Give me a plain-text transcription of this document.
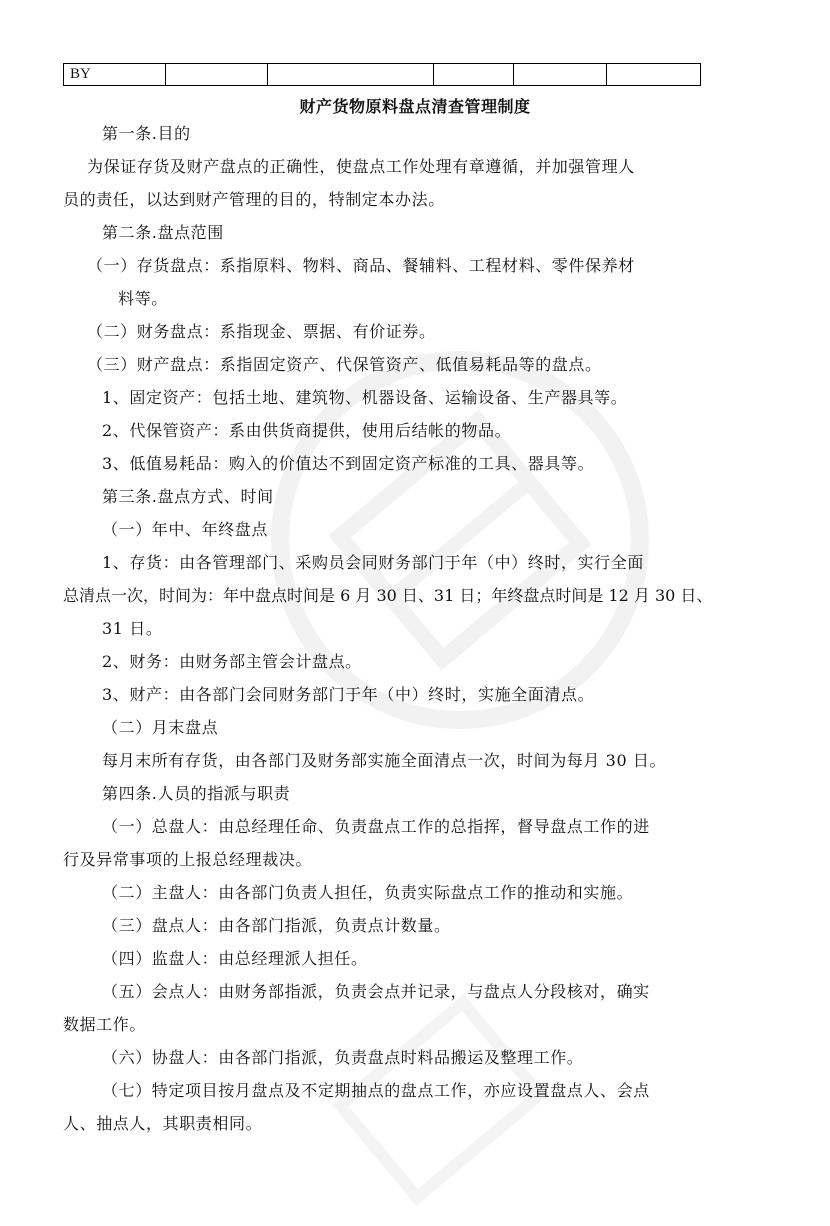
BY					
财产货物原料盘点清查管理制度
第一条.目的
为保证存货及财产盘点的正确性，使盘点工作处理有章遵循，并加强管理人
员的责任，以达到财产管理的目的，特制定本办法。
第二条.盘点范围
（一）存货盘点：系指原料、物料、商品、餐辅料、工程材料、零件保养材
料等。
（二）财务盘点：系指现金、票据、有价证券。
（三）财产盘点：系指固定资产、代保管资产、低值易耗品等的盘点。
1、固定资产：包括土地、建筑物、机器设备、运输设备、生产器具等。
2、代保管资产：系由供货商提供，使用后结帐的物品。
3、低值易耗品：购入的价值达不到固定资产标准的工具、器具等。
第三条.盘点方式、时间
（一）年中、年终盘点
1、存货：由各管理部门、采购员会同财务部门于年（中）终时，实行全面
总清点一次，时间为：年中盘点时间是 6 月 30 日、31 日；年终盘点时间是 12 月 30 日、
31 日。
2、财务：由财务部主管会计盘点。
3、财产：由各部门会同财务部门于年（中）终时，实施全面清点。
（二）月末盘点
每月末所有存货，由各部门及财务部实施全面清点一次，时间为每月 30 日。
第四条.人员的指派与职责
（一）总盘人：由总经理任命、负责盘点工作的总指挥，督导盘点工作的进
行及异常事项的上报总经理裁决。
（二）主盘人：由各部门负责人担任，负责实际盘点工作的推动和实施。
（三）盘点人：由各部门指派，负责点计数量。
（四）监盘人：由总经理派人担任。
（五）会点人：由财务部指派，负责会点并记录，与盘点人分段核对，确实
数据工作。
（六）协盘人：由各部门指派，负责盘点时料品搬运及整理工作。
（七）特定项目按月盘点及不定期抽点的盘点工作，亦应设置盘点人、会点
人、抽点人，其职责相同。
